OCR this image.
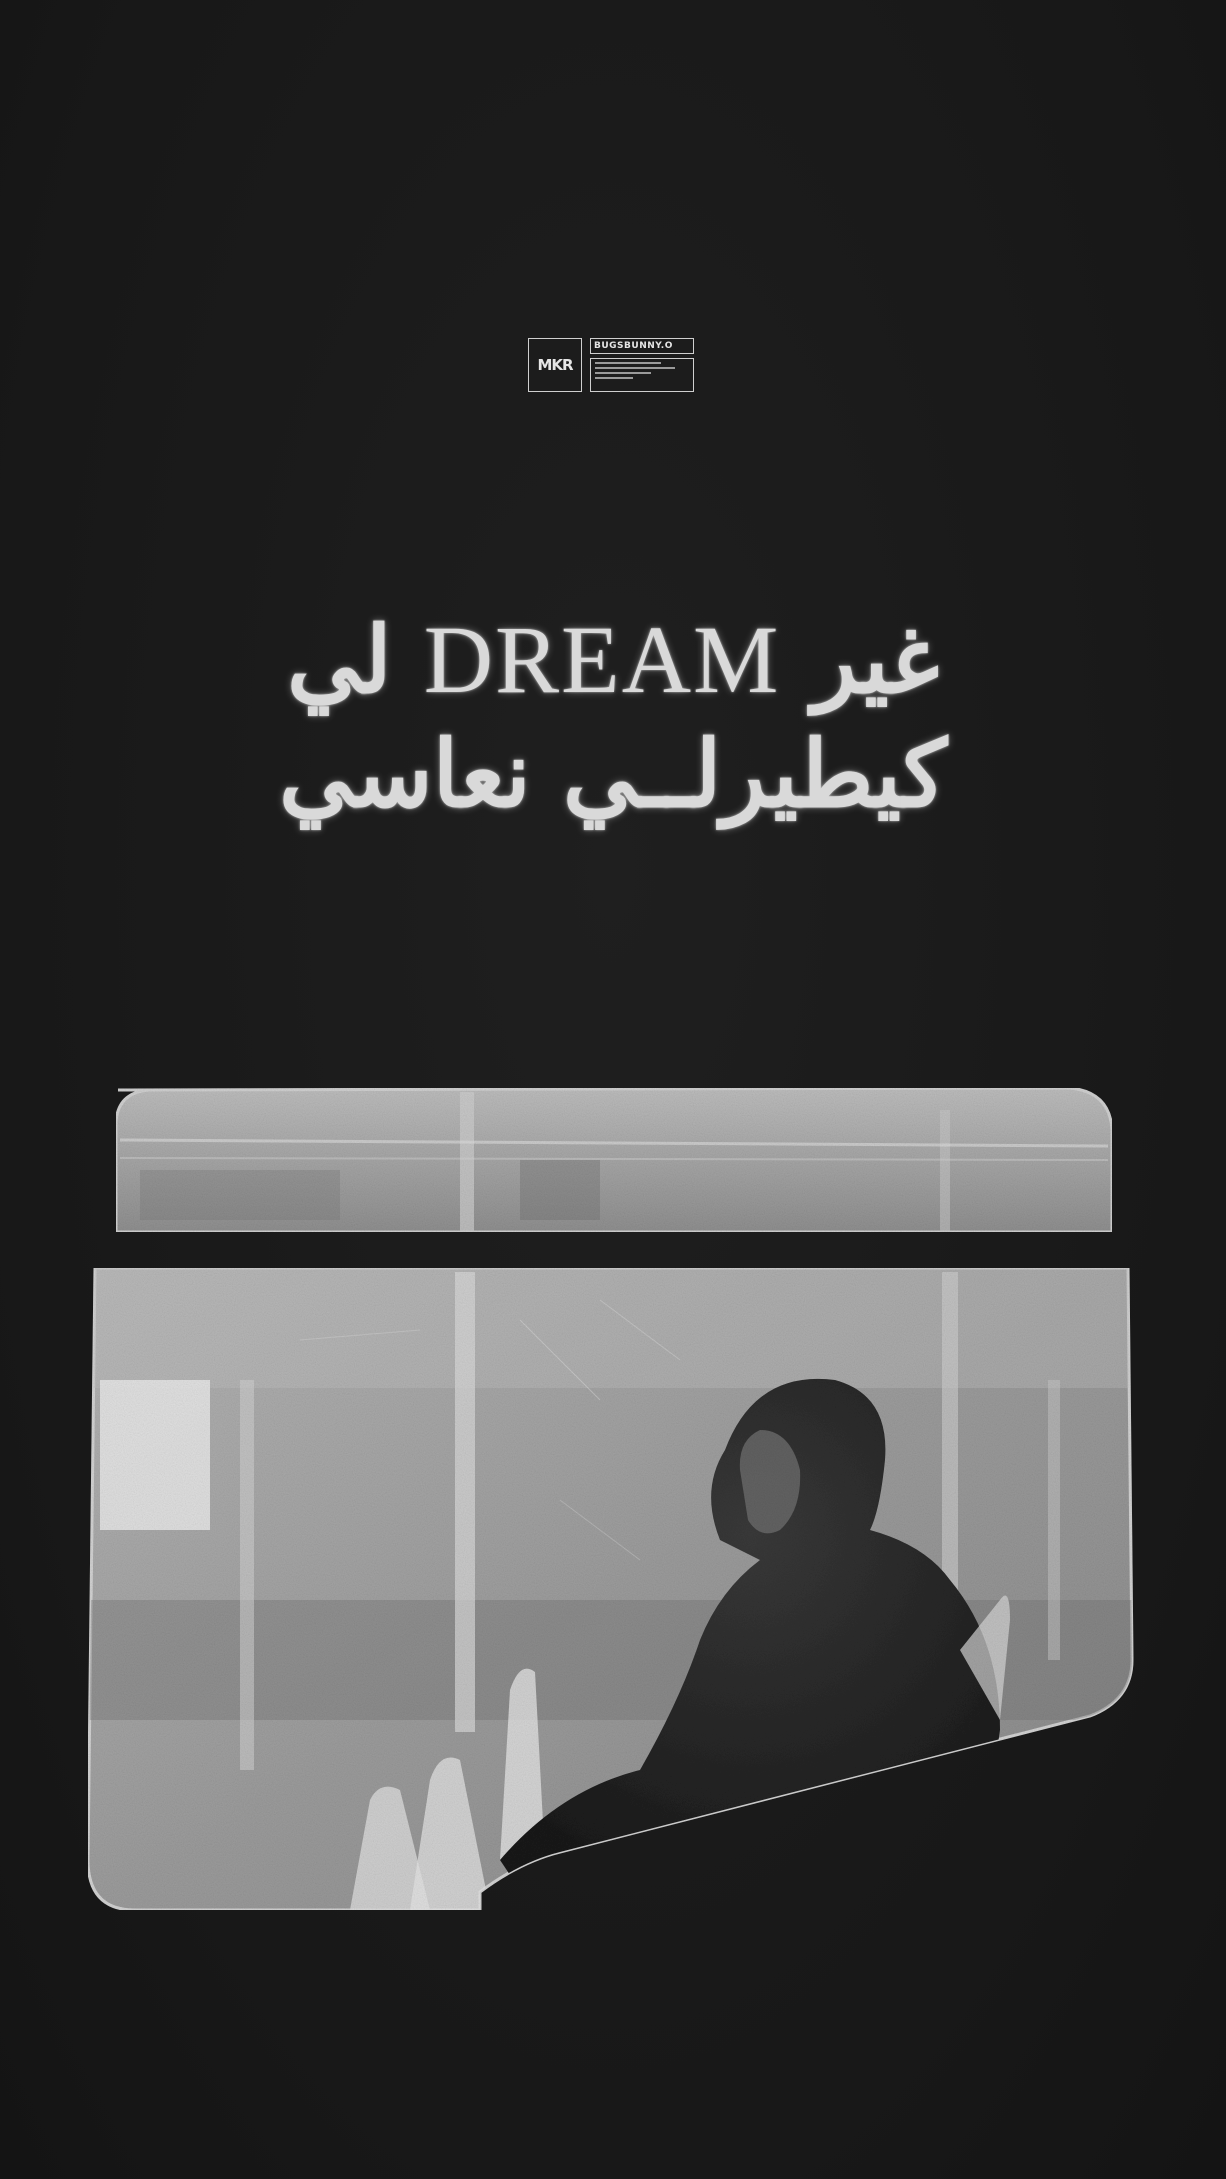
MKR
BUGSBUNNY.O
غير DREAM لي
كيطيرلــي نعاسي
